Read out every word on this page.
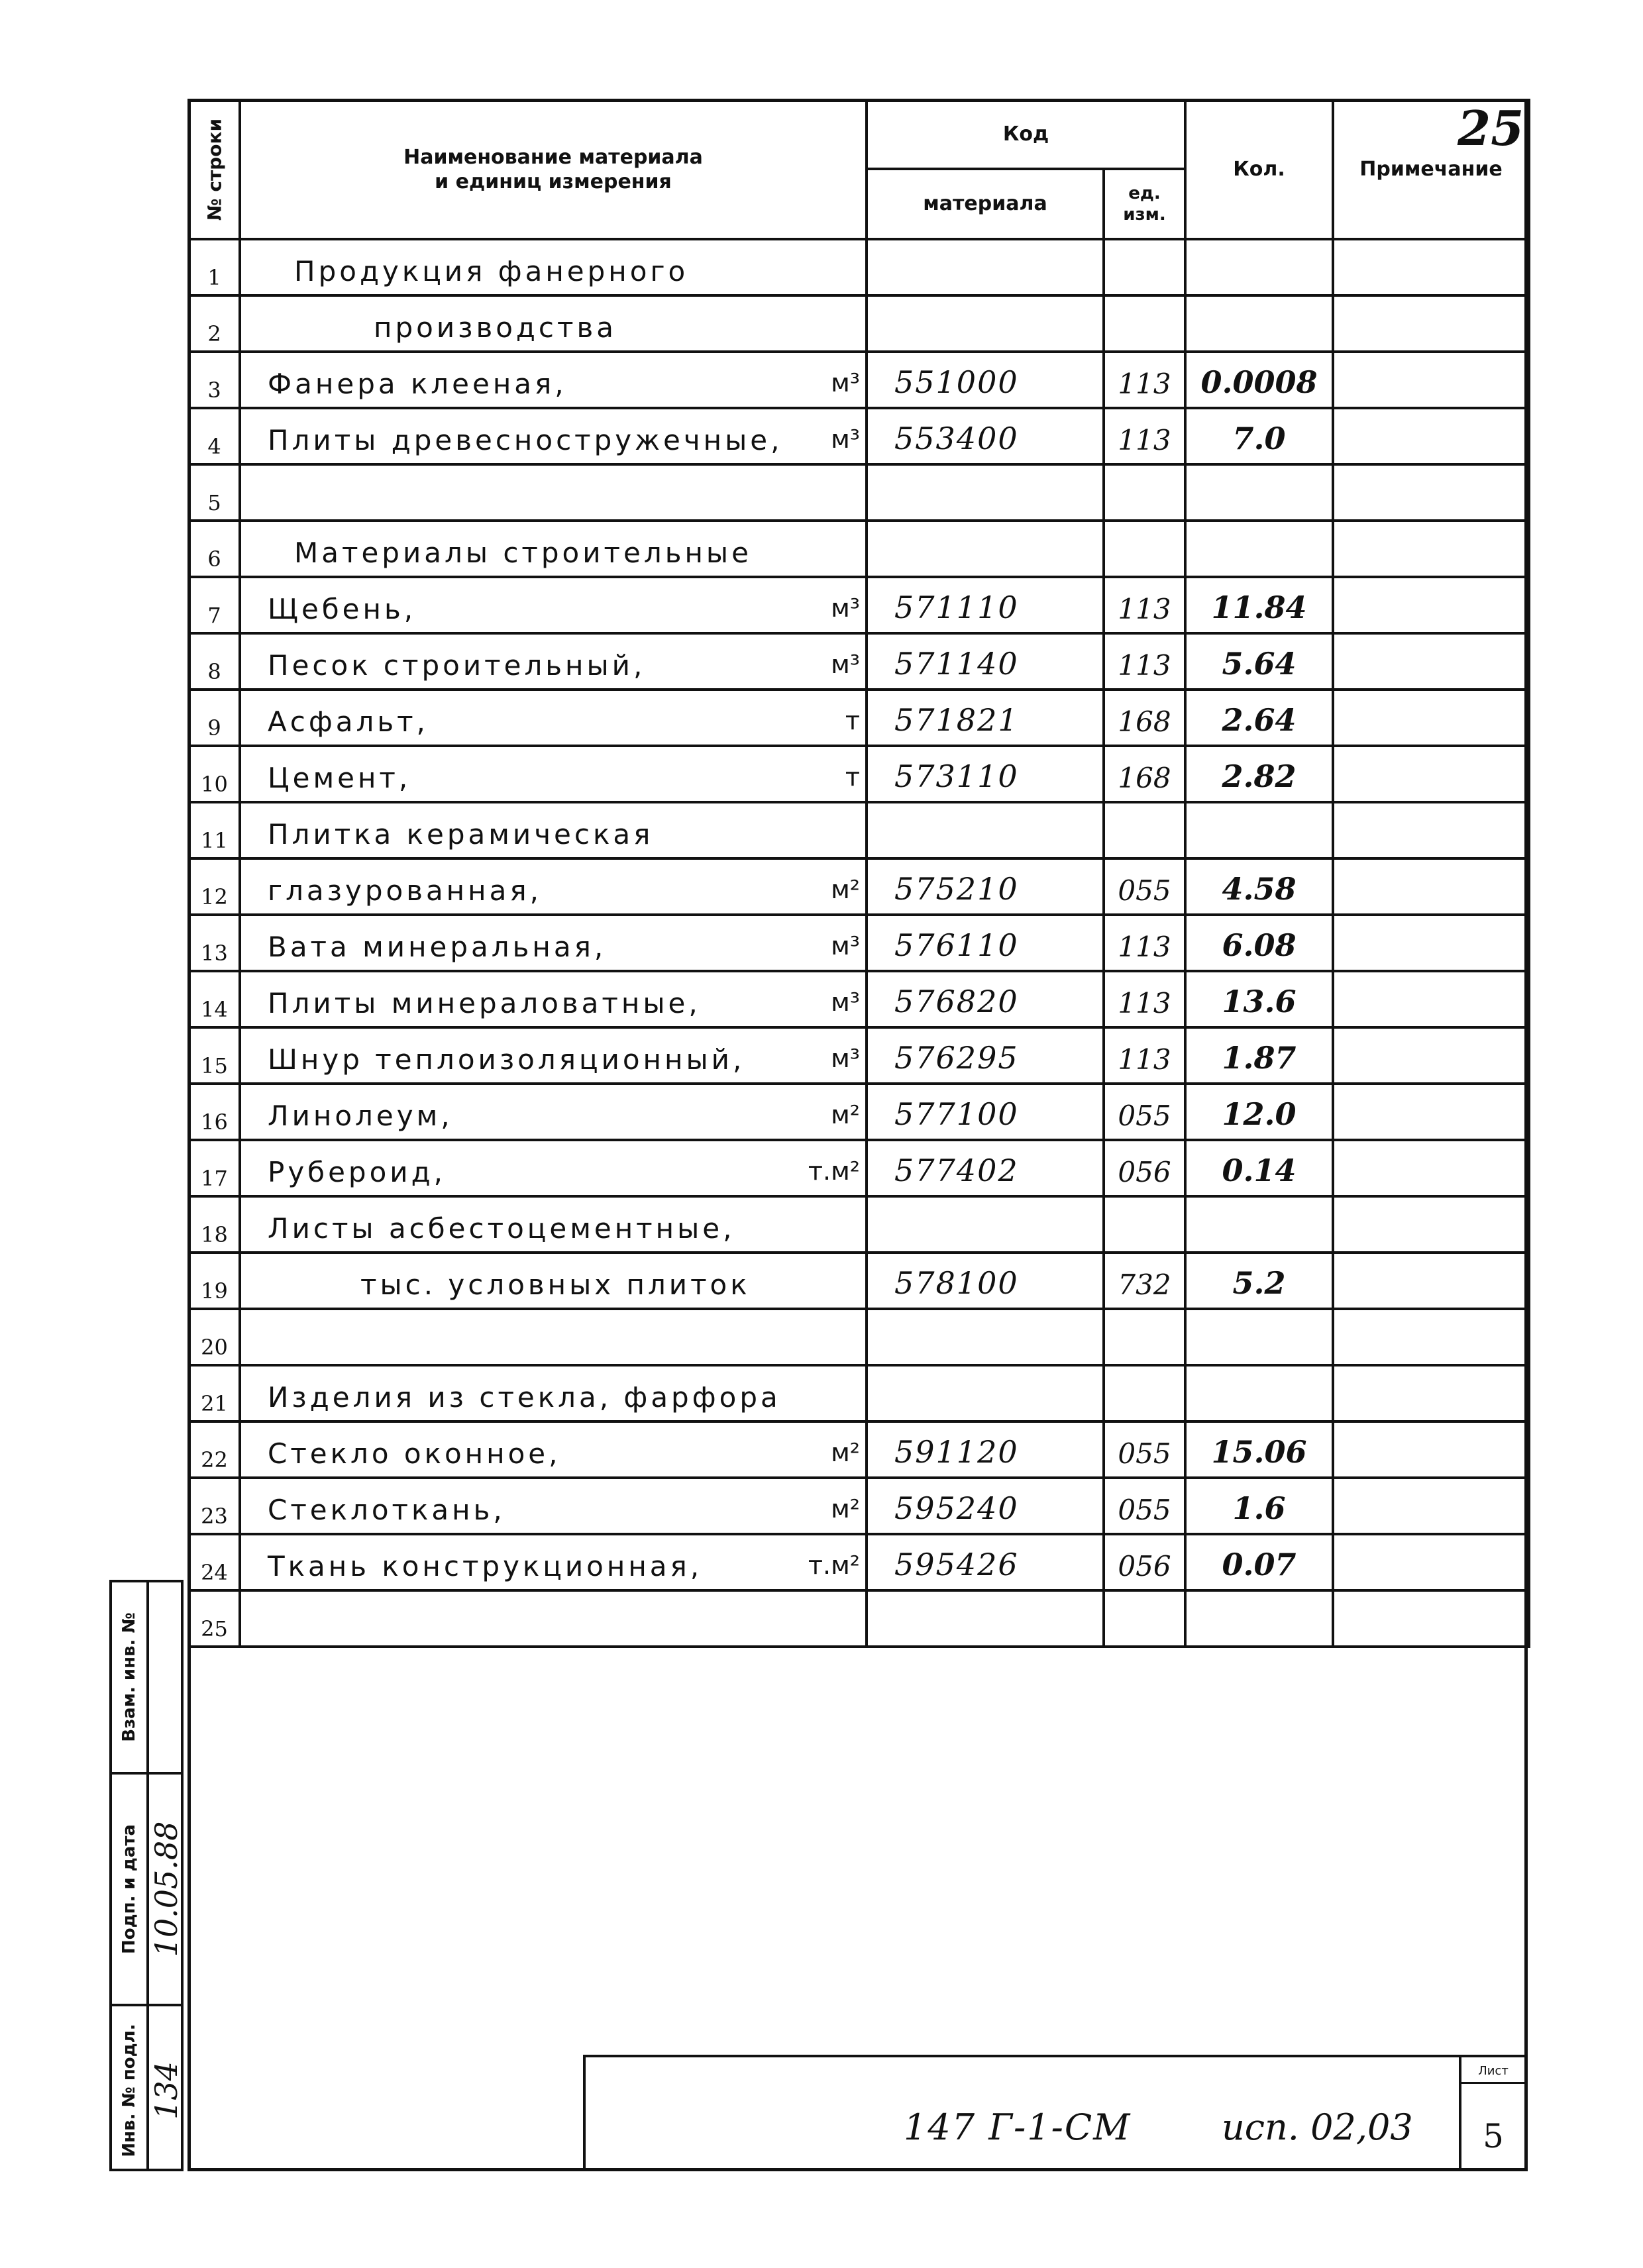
25
№ строки	Наименование материала
и единиц измерения	Код		Кол.	Примечание
		материала	ед. изм.		
1	Продукция фанерного

2	производства

3	Фанера клееная, м³	551000	113	0.0008	
4	Плиты древесностружечные, м³	553400	113	7.0	
5	

6	Материалы строительные

7	Щебень, м³	571110	113	11.84	
8	Песок строительный, м³	571140	113	5.64	
9	Асфальт, т	571821	168	2.64	
10	Цемент, т	573110	168	2.82	
11	Плитка керамическая

12	глазурованная, м²	575210	055	4.58	
13	Вата минеральная, м³	576110	113	6.08	
14	Плиты минераловатные, м³	576820	113	13.6	
15	Шнур теплоизоляционный, м³	576295	113	1.87	
16	Линолеум, м²	577100	055	12.0	
17	Рубероид, т.м²	577402	056	0.14	
18	Листы асбестоцементные,

19	тыс. условных плиток	578100	732	5.2	
20	

21	Изделия из стекла, фарфора

22	Стекло оконное, м²	591120	055	15.06	
23	Стеклоткань, м²	595240	055	1.6	
24	Ткань конструкционная, т.м²	595426	056	0.07	
25	

Взам. инв. №
Подп. и дата
Инв. № подл.
10.05.88
134
147 Г-1-СМ	исп. 02,03
Лист
5
